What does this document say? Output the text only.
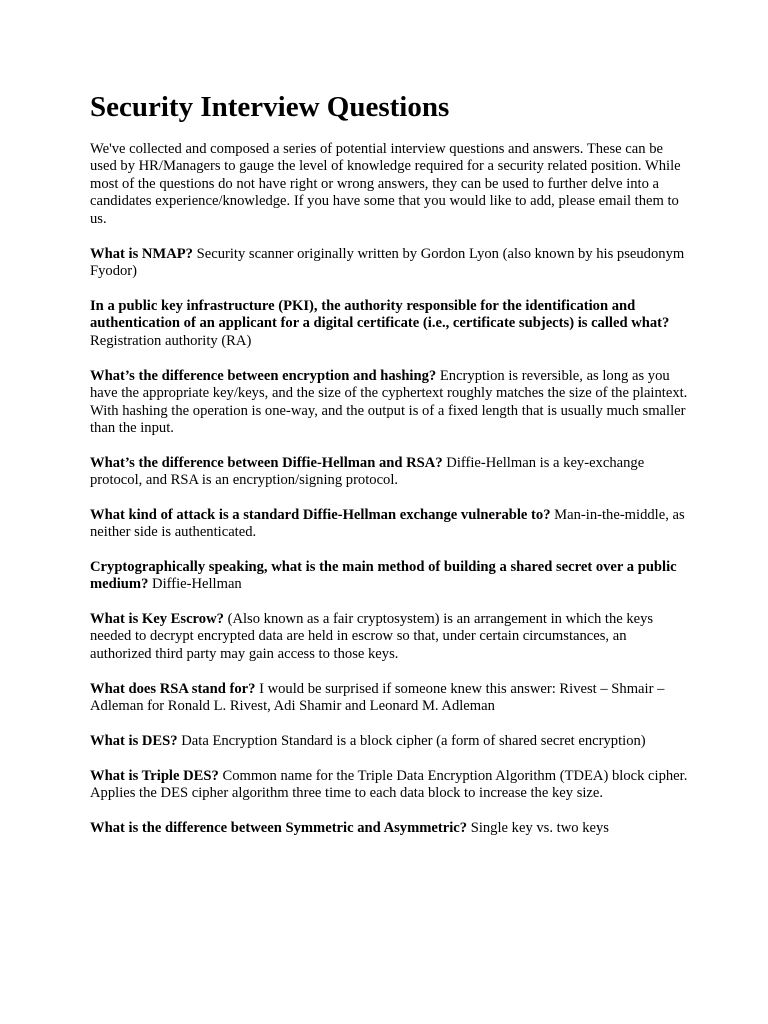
Security Interview Questions

We've collected and composed a series of potential interview questions and answers. These can be used by HR/Managers to gauge the level of knowledge required for a security related position. While most of the questions do not have right or wrong answers, they can be used to further delve into a candidates experience/knowledge. If you have some that you would like to add, please email them to us.

What is NMAP? Security scanner originally written by Gordon Lyon (also known by his pseudonym Fyodor)

In a public key infrastructure (PKI), the authority responsible for the identification and authentication of an applicant for a digital certificate (i.e., certificate subjects) is called what? Registration authority (RA)

What’s the difference between encryption and hashing? Encryption is reversible, as long as you have the appropriate key/keys, and the size of the cyphertext roughly matches the size of the plaintext. With hashing the operation is one-way, and the output is of a fixed length that is usually much smaller than the input.

What’s the difference between Diffie-Hellman and RSA? Diffie-Hellman is a key-exchange protocol, and RSA is an encryption/signing protocol.

What kind of attack is a standard Diffie-Hellman exchange vulnerable to? Man-in-the-middle, as neither side is authenticated.

Cryptographically speaking, what is the main method of building a shared secret over a public medium? Diffie-Hellman

What is Key Escrow? (Also known as a fair cryptosystem) is an arrangement in which the keys needed to decrypt encrypted data are held in escrow so that, under certain circumstances, an authorized third party may gain access to those keys.

What does RSA stand for? I would be surprised if someone knew this answer: Rivest – Shmair – Adleman for Ronald L. Rivest, Adi Shamir and Leonard M. Adleman

What is DES? Data Encryption Standard is a block cipher (a form of shared secret encryption)

What is Triple DES? Common name for the Triple Data Encryption Algorithm (TDEA) block cipher. Applies the DES cipher algorithm three time to each data block to increase the key size.

What is the difference between Symmetric and Asymmetric? Single key vs. two keys
